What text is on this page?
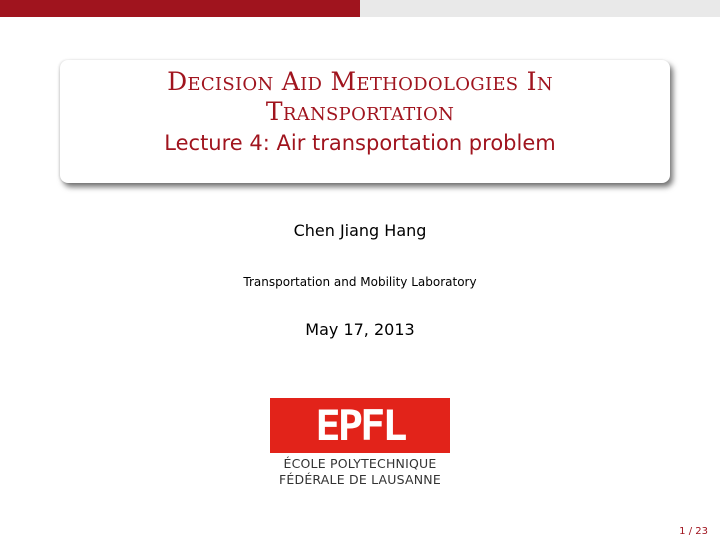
Decision Aid Methodologies In
Transportation
Lecture 4: Air transportation problem
Chen Jiang Hang
Transportation and Mobility Laboratory
May 17, 2013
EPFL
ÉCOLE POLYTECHNIQUE
FÉDÉRALE DE LAUSANNE
1 / 23
